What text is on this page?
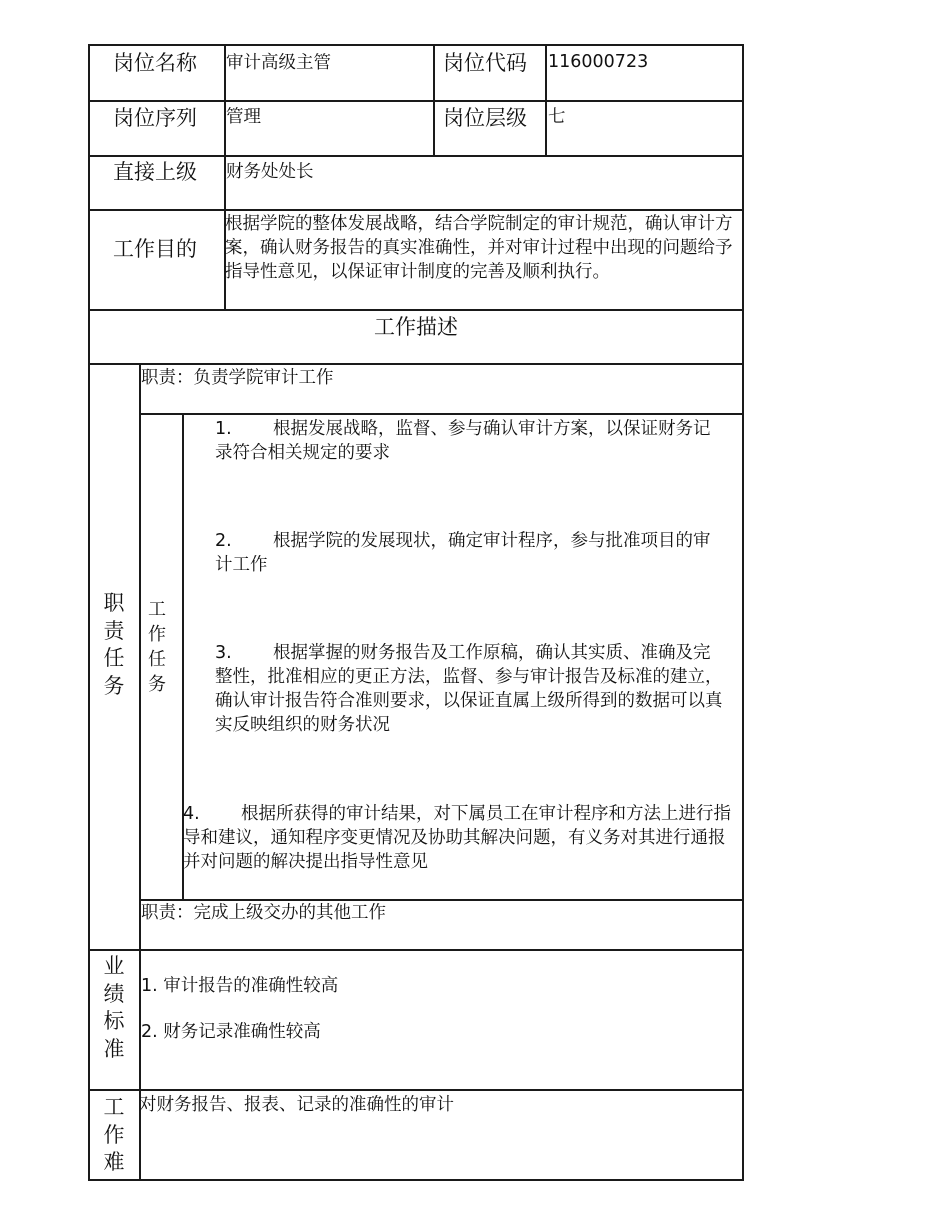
岗位名称 审计高级主管	岗位代码 116000723
岗位序列 管理	岗位层级 七
直接上级 财务处处长
工作目的
根据学院的整体发展战略，结合学院制定的审计规范，确认审计方案，确认财务报告的真实准确性，并对审计过程中出现的问题给予指导性意见，以保证审计制度的完善及顺利执行。
工作描述
职责任务
职责：负责学院审计工作
工作任务
1. 根据发展战略，监督、参与确认审计方案，以保证财务记录符合相关规定的要求
2. 根据学院的发展现状，确定审计程序，参与批准项目的审计工作
3. 根据掌握的财务报告及工作原稿，确认其实质、准确及完整性，批准相应的更正方法，监督、参与审计报告及标准的建立，确认审计报告符合准则要求，以保证直属上级所得到的数据可以真实反映组织的财务状况
4. 根据所获得的审计结果，对下属员工在审计程序和方法上进行指导和建议，通知程序变更情况及协助其解决问题，有义务对其进行通报并对问题的解决提出指导性意见
职责：完成上级交办的其他工作
业绩标准
1. 审计报告的准确性较高
2. 财务记录准确性较高
工作难
对财务报告、报表、记录的准确性的审计
